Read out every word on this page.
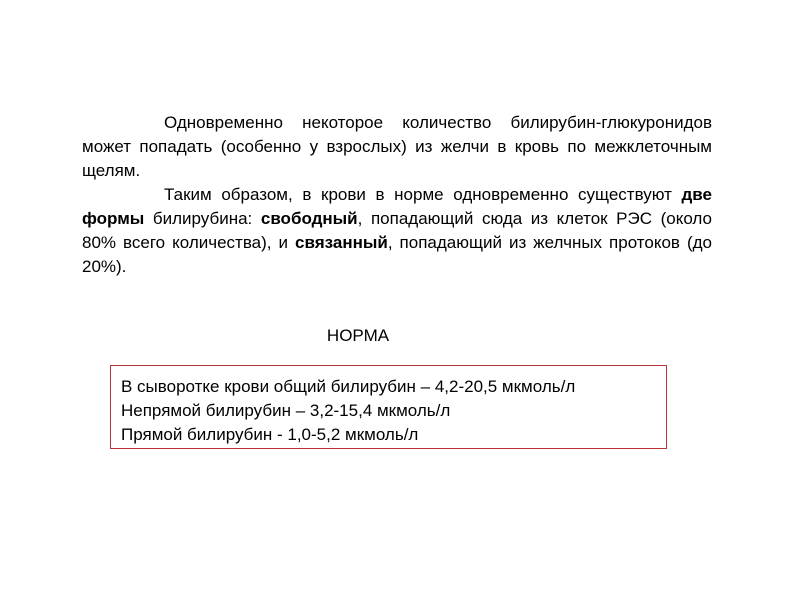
Одновременно некоторое количество билирубин-глюкуронидов может попадать (особенно у взрослых) из желчи в кровь по межклеточным щелям.

Таким образом, в крови в норме одновременно существуют две формы билирубина: свободный, попадающий сюда из клеток РЭС (около 80% всего количества), и связанный, попадающий из желчных протоков (до 20%).

НОРМА
В сыворотке крови общий билирубин – 4,2-20,5 мкмоль/л
Непрямой билирубин – 3,2-15,4 мкмоль/л
Прямой билирубин - 1,0-5,2 мкмоль/л
